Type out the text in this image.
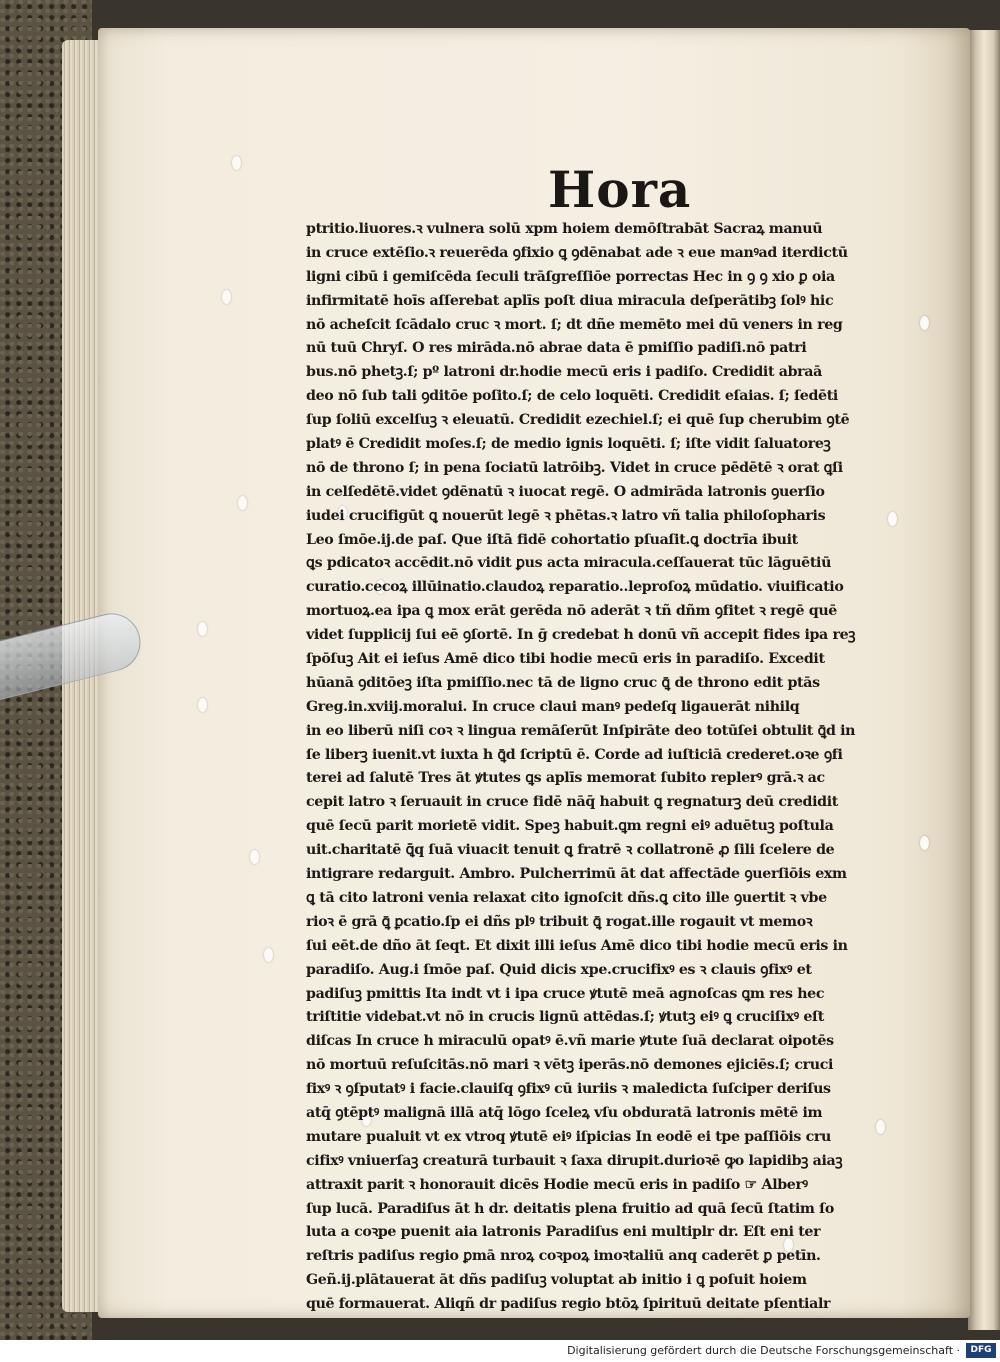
Hora
ptritio.liuores.ꝛ vulnera solū xpm hoiem demōſtrabāt Sacraꝝ manuū
in cruce extēſio.ꝛ reuerēda ꝯfixio ꝗ ꝯdēnabat ade ꝛ eue manꝰad iterdictū
ligni cibū i gemiſcēda ſeculi trāſgreſſiōe porrectas Hec in ꝯ ꝯ xio ꝑ oia
infirmitatē hoīs aſſerebat aplīs poſt diua miracula deſperātibꝫ ſolꝰ hic
nō acheſcit ſcādalo cruc ꝛ mort. ſ; dt dñe memēto mei dū veners in reg
nū tuū Chryſ. O res mirāda.nō abrae data ē pmiſſio padiſi.nō patri
bus.nō phetꝫ.ſ; pº latroni dr.hodie mecū eris i padiſo. Credidit abraā
deo nō ſub tali ꝯditōe poſito.ſ; de celo loquēti. Credidit eſaias. ſ; ſedēti
ſup ſoliū excelſuꝫ ꝛ eleuatū. Credidit ezechiel.ſ; ei quē ſup cherubim ꝯtē
platꝰ ē Credidit moſes.ſ; de medio ignis loquēti. ſ; iſte vidit ſaluatoreꝫ
nō de throno ſ; in pena ſociatū latrōibꝫ. Videt in cruce pēdētē ꝛ orat ꝗſi
in celſedētē.videt ꝯdēnatū ꝛ iuocat regē. O admirāda latronis ꝯuerſio
iudei crucifigūt ꝗ nouerūt legē ꝛ phētas.ꝛ latro vñ talia philoſopharis
Leo ſmōe.ij.de paſ. Que iſtā fidē cohortatio pſuaſit.ꝗ doctrīa ibuit
ꝗs pdicatoꝛ accēdit.nō vidit ꝑus acta miracula.ceſſauerat tūc lāguētiū
curatio.cecoꝝ illūinatio.claudoꝝ reparatio..leproſoꝝ mūdatio. viuificatio
mortuoꝝ.ea ipa ꝗ mox erāt gerēda nō aderāt ꝛ tñ dñm ꝯfitet ꝛ regē quē
videt ſupplicij ſui eē ꝯſortē. In ḡ credebat h donū vñ accepit fides ipa reꝫ
ſpōſuꝫ Ait ei ieſus Amē dico tibi hodie mecū eris in paradiſo. Excedit
hūanā ꝯditōeꝫ iſta pmiſſio.nec tā de ligno cruc ꝗ̄ de throno edit ptās
Greg.in.xviij.moralui. In cruce claui manꝰ pedeſq ligauerāt nihilq
in eo liberū niſi coꝛ ꝛ lingua remāſerūt Inſpirāte deo totūſei obtulit ꝗ̄d in
ſe liberꝫ iuenit.vt iuxta h ꝗ̄d ſcriptū ē. Corde ad iuſticiā crederet.oꝛe ꝯfi
terei ad ſalutē Tres āt ꝟtutes ꝗs aplīs memorat ſubito replerꝰ grā.ꝛ ac
cepit latro ꝛ ſeruauit in cruce fidē nāq̄ habuit ꝗ regnaturꝫ deū credidit
quē ſecū parit morietē vidit. Speꝫ habuit.ꝗm regni eiꝰ aduētuꝫ poſtula
uit.charitatē ꝗ̄q ſuā viuacit tenuit ꝗ fratrē ꝛ collatronē ꝓ ſili ſcelere de
intigrare redarguit. Ambro. Pulcherrimū āt dat affectāde ꝯuerſiōis exm
ꝗ tā cito latroni venia relaxat cito ignoſcit dñs.ꝗ cito ille ꝯuertit ꝛ vbe
rioꝛ ē grā ꝗ̄ ꝑcatio.ſp ei dñs plꝰ tribuit ꝗ̄ rogat.ille rogauit vt memoꝛ
ſui eēt.de dño āt ſeqt. Et dixit illi ieſus Amē dico tibi hodie mecū eris in
paradiſo. Aug.i ſmōe paſ. Quid dicis xpe.crucifixꝰ es ꝛ clauis ꝯfixꝰ et
padiſuꝫ pmittis Ita indt vt i ipa cruce ꝟtutē meā agnoſcas ꝗm res hec
triſtitie videbat.vt nō in crucis lignū attēdas.ſ; ꝟtutꝫ eiꝰ ꝗ cruciſixꝰ eſt
diſcas In cruce h miraculū opatꝰ ē.vñ marie ꝟtute ſuā declarat oipotēs
nō mortuū reſuſcitās.nō mari ꝛ vētꝫ iperās.nō demones ejiciēs.ſ; cruci
fixꝰ ꝛ ꝯſputatꝰ i facie.clauiſq ꝯfixꝰ cū iuriis ꝛ maledicta ſuſciper deriſus
atq̄ ꝯtēptꝰ malignā illā atq̄ lōgo ſceleꝝ vſu obduratā latronis mētē im
mutare pualuit vt ex vtroq ꝟtutē eiꝰ iſpicias In eodē ei tpe paſſiōis cru
cifixꝰ vniuerſaꝫ creaturā turbauit ꝛ ſaxa dirupit.durioꝛē ꝙo lapidibꝫ aiaꝫ
attraxit parit ꝛ honorauit dicēs Hodie mecū eris in padiſo ☞ Alberꝰ
ſup lucā. Paradiſus āt h dr. deitatis plena fruitio ad quā ſecū ſtatim ſo
luta a coꝛpe puenit aia latronis Paradiſus eni multiplr dr. Eſt eni ter
reſtris padiſus regio ꝑmā nroꝝ coꝛpoꝝ imoꝛtaliū anq caderēt ꝑ petīn.
Geñ.ij.plātauerat āt dñs padiſuꝫ voluptat ab initio i ꝗ poſuit hoiem
quē formauerat. Aliqñ dr padiſus regio btōꝝ ſpirituū deitate pſentialr
Digitalisierung gefördert durch die Deutsche Forschungsgemeinschaft ·	DFG
